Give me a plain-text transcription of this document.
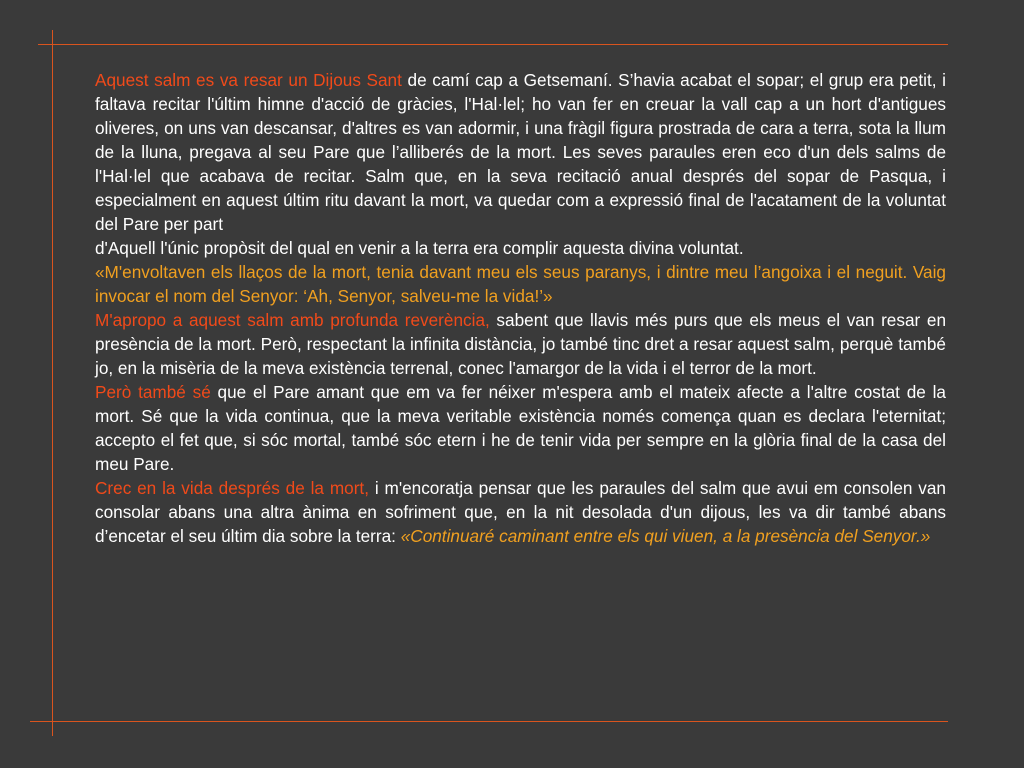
Aquest salm es va resar un Dijous Sant de camí cap a Getsemaní. S’havia acabat el sopar; el grup era petit, i faltava recitar l'últim himne d'acció de gràcies, l'Hal·lel; ho van fer en creuar la vall cap a un hort d'antigues oliveres, on uns van descansar, d'altres es van adormir, i una fràgil figura prostrada de cara a terra, sota la llum de la lluna, pregava al seu Pare que l’alliberés de la mort. Les seves paraules eren eco d'un dels salms de l'Hal·lel que acabava de recitar. Salm que, en la seva recitació anual després del sopar de Pasqua, i especialment en aquest últim ritu davant la mort, va quedar com a expressió final de l'acatament de la voluntat del Pare per part

d'Aquell l'únic propòsit del qual en venir a la terra era complir aquesta divina voluntat.

«M'envoltaven els llaços de la mort, tenia davant meu els seus paranys, i dintre meu l’angoixa i el neguit. Vaig invocar el nom del Senyor: ‘Ah, Senyor, salveu-me la vida!’»

M'apropo a aquest salm amb profunda reverència, sabent que llavis més purs que els meus el van resar en presència de la mort. Però, respectant la infinita distància, jo també tinc dret a resar aquest salm, perquè també jo, en la misèria de la meva existència terrenal, conec l'amargor de la vida i el terror de la mort.

Però també sé que el Pare amant que em va fer néixer m'espera amb el mateix afecte a l'altre costat de la mort. Sé que la vida continua, que la meva veritable existència només comença quan es declara l'eternitat; accepto el fet que, si sóc mortal, també sóc etern i he de tenir vida per sempre en la glòria final de la casa del meu Pare.

Crec en la vida després de la mort, i m'encoratja pensar que les paraules del salm que avui em consolen van consolar abans una altra ànima en sofriment que, en la nit desolada d'un dijous, les va dir també abans d’encetar el seu últim dia sobre la terra: «Continuaré caminant entre els qui viuen, a la presència del Senyor.»
